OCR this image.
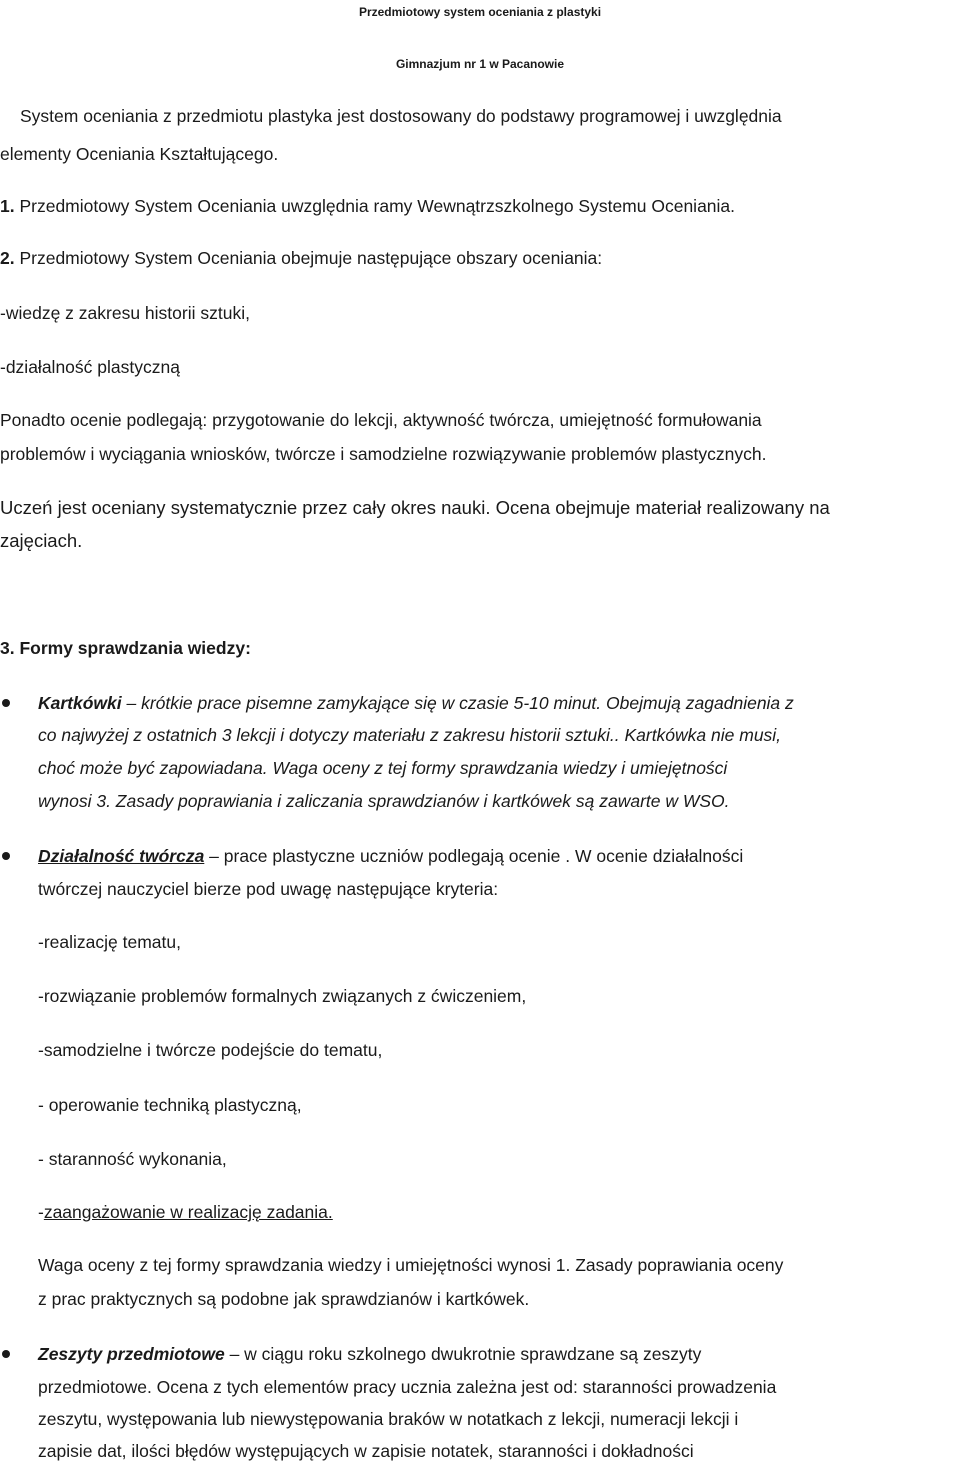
Przedmiotowy system oceniania z plastyki
Gimnazjum nr 1 w Pacanowie
System oceniania z przedmiotu plastyka jest dostosowany do podstawy programowej i uwzględnia
elementy Oceniania Kształtującego.
1. Przedmiotowy System Oceniania uwzględnia ramy Wewnątrzszkolnego Systemu Oceniania.
2. Przedmiotowy System Oceniania obejmuje następujące obszary oceniania:
-wiedzę z zakresu historii sztuki,
-działalność plastyczną
Ponadto ocenie podlegają: przygotowanie do lekcji, aktywność twórcza, umiejętność formułowania
problemów i wyciągania wniosków, twórcze i samodzielne rozwiązywanie problemów plastycznych.
Uczeń jest oceniany systematycznie przez cały okres nauki. Ocena obejmuje materiał realizowany na
zajęciach.
3. Formy sprawdzania wiedzy:
Kartkówki – krótkie prace pisemne zamykające się w czasie 5-10 minut. Obejmują zagadnienia z
co najwyżej z ostatnich 3 lekcji i dotyczy materiału z zakresu historii sztuki.. Kartkówka nie musi,
choć może być zapowiadana. Waga oceny z tej formy sprawdzania wiedzy i umiejętności
wynosi 3. Zasady poprawiania i zaliczania sprawdzianów i kartkówek są zawarte w WSO.
Działalność twórcza – prace plastyczne uczniów podlegają ocenie . W ocenie działalności
twórczej nauczyciel bierze pod uwagę następujące kryteria:
-realizację tematu,
-rozwiązanie problemów formalnych związanych z ćwiczeniem,
-samodzielne i twórcze podejście do tematu,
- operowanie techniką plastyczną,
- staranność wykonania,
-zaangażowanie w realizację zadania.
Waga oceny z tej formy sprawdzania wiedzy i umiejętności wynosi 1. Zasady poprawiania oceny
z prac praktycznych są podobne jak sprawdzianów i kartkówek.
Zeszyty przedmiotowe – w ciągu roku szkolnego dwukrotnie sprawdzane są zeszyty
przedmiotowe. Ocena z tych elementów pracy ucznia zależna jest od: staranności prowadzenia
zeszytu, występowania lub niewystępowania braków w notatkach z lekcji, numeracji lekcji i
zapisie dat, ilości błędów występujących w zapisie notatek, staranności i dokładności
